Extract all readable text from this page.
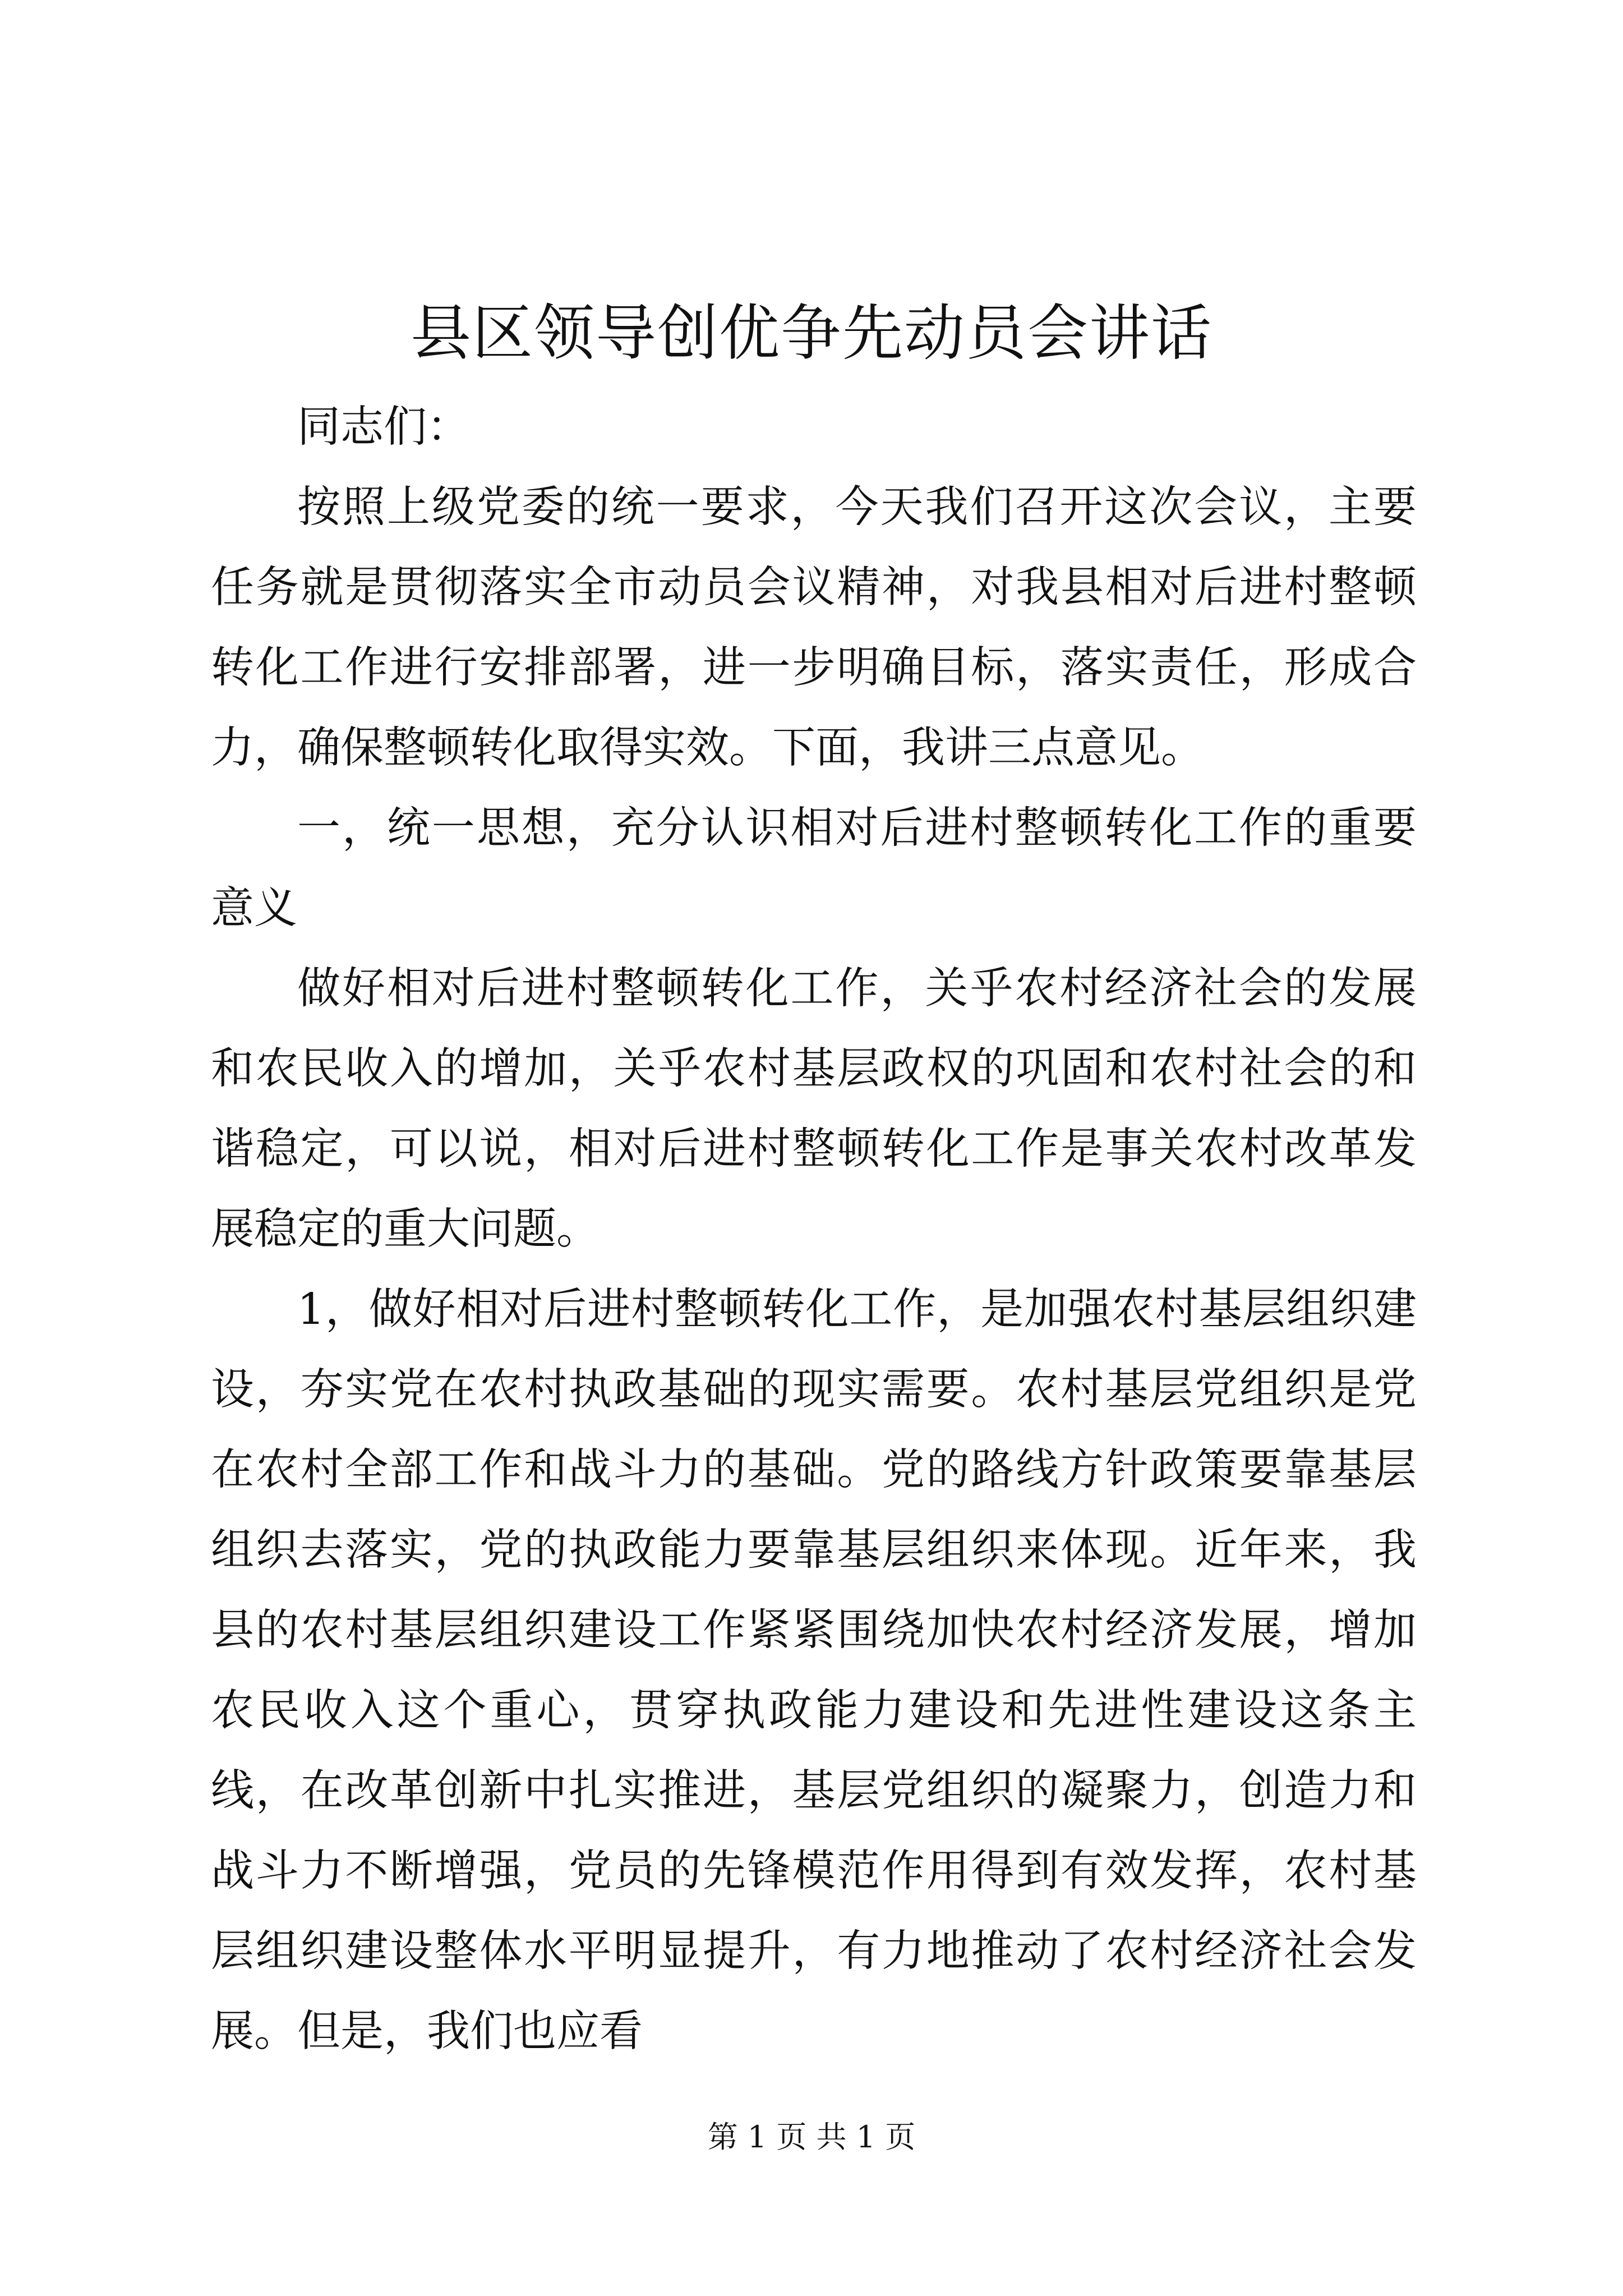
县区领导创优争先动员会讲话

同志们：

按照上级党委的统一要求，今天我们召开这次会议，主要任务就是贯彻落实全市动员会议精神，对我县相对后进村整顿转化工作进行安排部署，进一步明确目标，落实责任，形成合力，确保整顿转化取得实效。下面，我讲三点意见。

一，统一思想，充分认识相对后进村整顿转化工作的重要意义

做好相对后进村整顿转化工作，关乎农村经济社会的发展和农民收入的增加，关乎农村基层政权的巩固和农村社会的和谐稳定，可以说，相对后进村整顿转化工作是事关农村改革发展稳定的重大问题。

1，做好相对后进村整顿转化工作，是加强农村基层组织建设，夯实党在农村执政基础的现实需要。农村基层党组织是党在农村全部工作和战斗力的基础。党的路线方针政策要靠基层组织去落实，党的执政能力要靠基层组织来体现。近年来，我县的农村基层组织建设工作紧紧围绕加快农村经济发展，增加农民收入这个重心，贯穿执政能力建设和先进性建设这条主线，在改革创新中扎实推进，基层党组织的凝聚力，创造力和战斗力不断增强，党员的先锋模范作用得到有效发挥，农村基层组织建设整体水平明显提升，有力地推动了农村经济社会发展。但是，我们也应看

第 1 页 共 1 页
